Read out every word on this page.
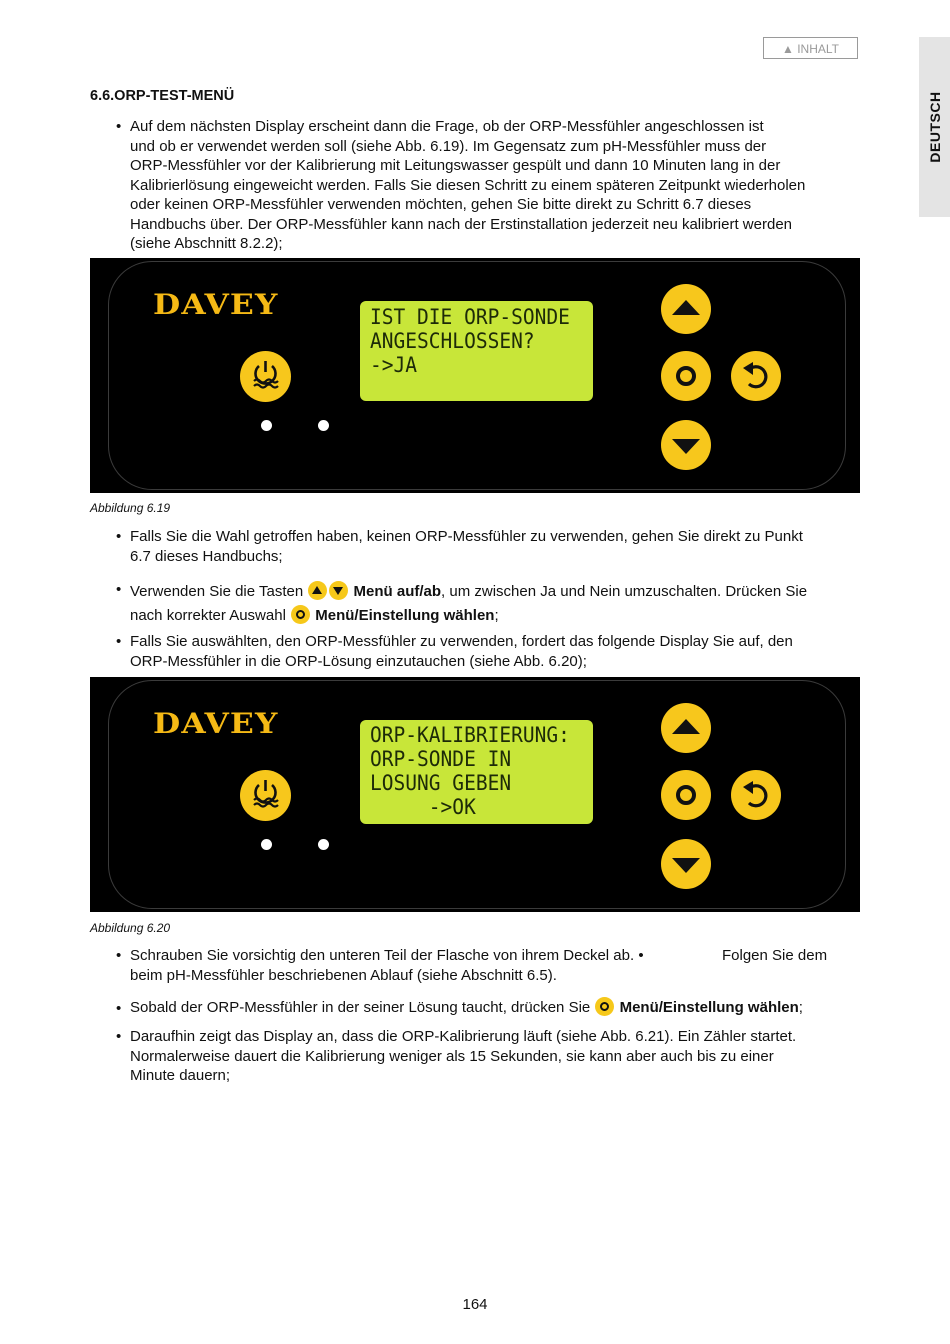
▲ INHALT
DEUTSCH
6.6.ORP-TEST-MENÜ
• Auf dem nächsten Display erscheint dann die Frage, ob der ORP-Messfühler angeschlossen ist
und ob er verwendet werden soll (siehe Abb. 6.19). Im Gegensatz zum pH-Messfühler muss der
ORP-Messfühler vor der Kalibrierung mit Leitungswasser gespült und dann 10 Minuten lang in der
Kalibrierlösung eingeweicht werden. Falls Sie diesen Schritt zu einem späteren Zeitpunkt wiederholen
oder keinen ORP-Messfühler verwenden möchten, gehen Sie bitte direkt zu Schritt 6.7 dieses
Handbuchs über. Der ORP-Messfühler kann nach der Erstinstallation jederzeit neu kalibriert werden
(siehe Abschnitt 8.2.2);
DAVEY	IST DIE ORP-SONDE
ANGESCHLOSSEN?
->JA
Abbildung 6.19
• Falls Sie die Wahl getroffen haben, keinen ORP-Messfühler zu verwenden, gehen Sie direkt zu Punkt
6.7 dieses Handbuchs;
• Verwenden Sie die Tasten	Menü auf/ab, um zwischen Ja und Nein umzuschalten. Drücken Sie
nach korrekter Auswahl Menü/Einstellung wählen;
• Falls Sie auswählten, den ORP-Messfühler zu verwenden, fordert das folgende Display Sie auf, den
ORP-Messfühler in die ORP-Lösung einzutauchen (siehe Abb. 6.20);
DAVEY	ORP-KALIBRIERUNG:
ORP-SONDE IN
LOSUNG GEBEN
->OK
Abbildung 6.20
• Schrauben Sie vorsichtig den unteren Teil der Flasche von ihrem Deckel ab. •	Folgen Sie dem
beim pH-Messfühler beschriebenen Ablauf (siehe Abschnitt 6.5).
• Sobald der ORP-Messfühler in der seiner Lösung taucht, drücken Sie Menü/Einstellung wählen;
• Daraufhin zeigt das Display an, dass die ORP-Kalibrierung läuft (siehe Abb. 6.21). Ein Zähler startet.
Normalerweise dauert die Kalibrierung weniger als 15 Sekunden, sie kann aber auch bis zu einer
Minute dauern;
164
